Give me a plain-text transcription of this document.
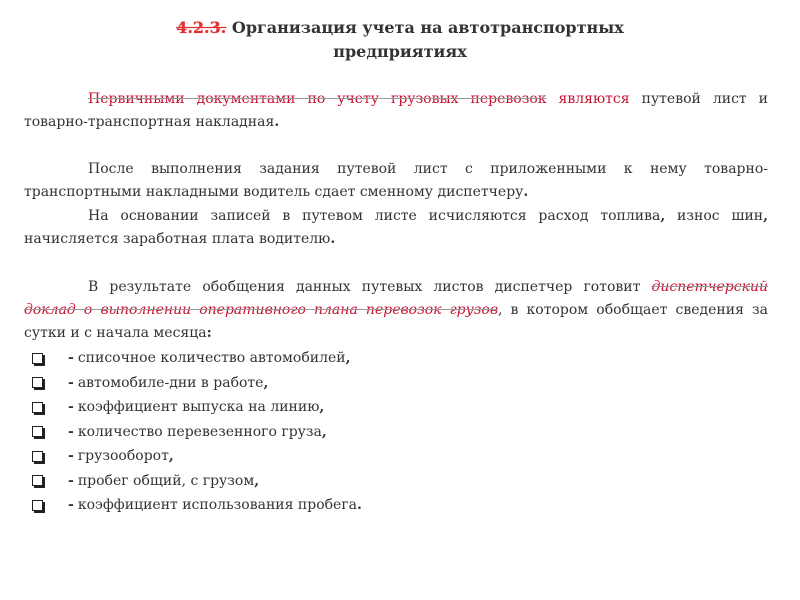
4.2.3. Организация учета на автотранспортных
предприятиях
Первичными документами по учету грузовых перевозок являются путевой лист и товарно-транспортная накладная.
После выполнения задания путевой лист с приложенными к нему товарно-транспортными накладными водитель сдает сменному диспетчеру.
На основании записей в путевом листе исчисляются расход топлива, износ шин, начисляется заработная плата водителю.
В результате обобщения данных путевых листов диспетчер готовит диспетчерский доклад о выполнении оперативного плана перевозок грузов, в котором обобщает сведения за сутки и с начала месяца:
- списочное количество автомобилей ,
- автомобиле-дни в работе ,
- коэффициент выпуска на линию ,
- количество перевезенного груза ,
- грузооборот ,
- пробег общий, с грузом ,
- коэффициент использования пробега .
